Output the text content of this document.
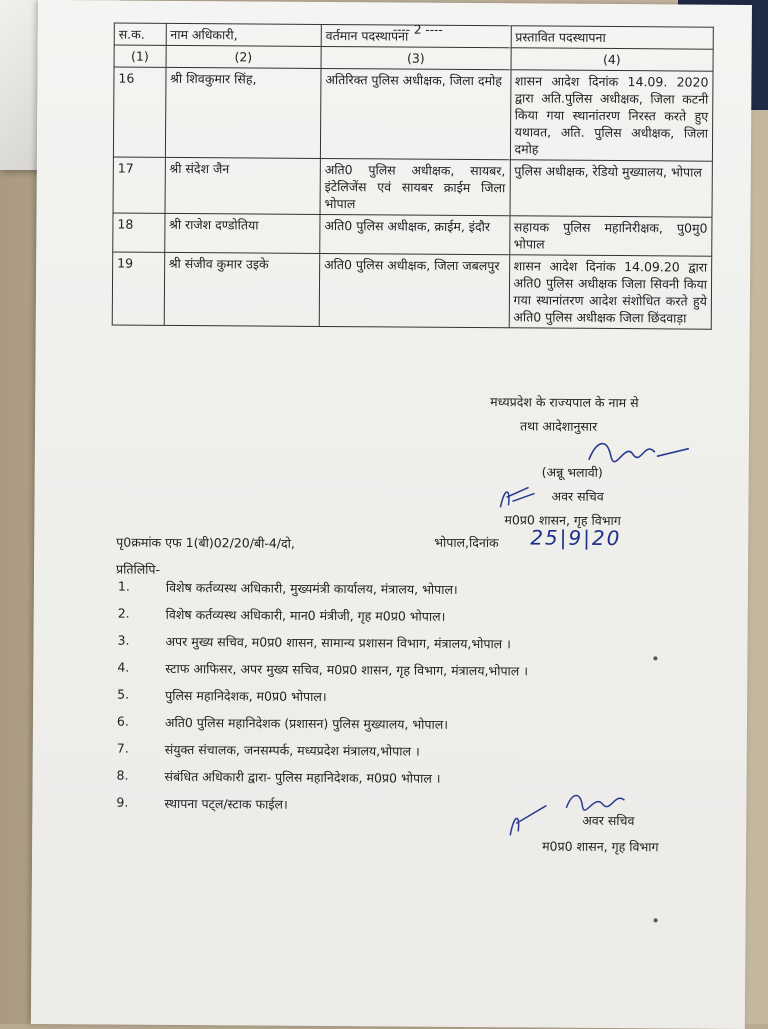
---- 2 ----
स.क.	नाम अधिकारी,	वर्तमान पदस्थापना	प्रस्तावित पदस्थापना
(1)	(2)	(3)	(4)
16	श्री शिवकुमार सिंह,	अतिरिक्त पुलिस अधीक्षक, जिला दमोह	शासन आदेश दिनांक 14.09. 2020 द्वारा अति.पुलिस अधीक्षक, जिला कटनी किया गया स्थानांतरण निरस्त करते हुए यथावत, अति. पुलिस अधीक्षक, जिला दमोह
17	श्री संदेश जैन	अति0 पुलिस अधीक्षक, सायबर, इंटेलिजेंस एवं सायबर क्राईम जिला भोपाल	पुलिस अधीक्षक, रेडियो मुख्यालय, भोपाल
18	श्री राजेश दण्डोतिया	अति0 पुलिस अधीक्षक, क्राईम, इंदौर	सहायक पुलिस महानिरीक्षक, पु0मु0 भोपाल
19	श्री संजीव कुमार उइके	अति0 पुलिस अधीक्षक, जिला जबलपुर	शासन आदेश दिनांक 14.09.20 द्वारा अति0 पुलिस अधीक्षक जिला सिवनी किया गया स्थानांतरण आदेश संशोधित करते हुये अति0 पुलिस अधीक्षक जिला छिंदवाड़ा
मध्यप्रदेश के राज्यपाल के नाम से
तथा आदेशानुसार
(अन्नू भलावी)
अवर सचिव
म0प्र0 शासन, गृह विभाग
पृ0क्रमांक एफ 1(बी)02/20/बी-4/दो,	भोपाल,दिनांक 25|9|20
प्रतिलिपि-
1.	विशेष कर्तव्यस्थ अधिकारी, मुख्यमंत्री कार्यालय, मंत्रालय, भोपाल।
2.	विशेष कर्तव्यस्थ अधिकारी, मान0 मंत्रीजी, गृह म0प्र0 भोपाल।
3.	अपर मुख्य सचिव, म0प्र0 शासन, सामान्य प्रशासन विभाग, मंत्रालय,भोपाल ।
4.	स्टाफ आफिसर, अपर मुख्य सचिव, म0प्र0 शासन, गृह विभाग, मंत्रालय,भोपाल ।
5.	पुलिस महानिदेशक, म0प्र0 भोपाल।
6.	अति0 पुलिस महानिदेशक (प्रशासन) पुलिस मुख्यालय, भोपाल।
7.	संयुक्त संचालक, जनसम्पर्क, मध्यप्रदेश मंत्रालय,भोपाल ।
8.	संबंधित अधिकारी द्वारा- पुलिस महानिदेशक, म0प्र0 भोपाल ।
9.	स्थापना पट्ल/स्टाक फाईल।
अवर सचिव
म0प्र0 शासन, गृह विभाग
